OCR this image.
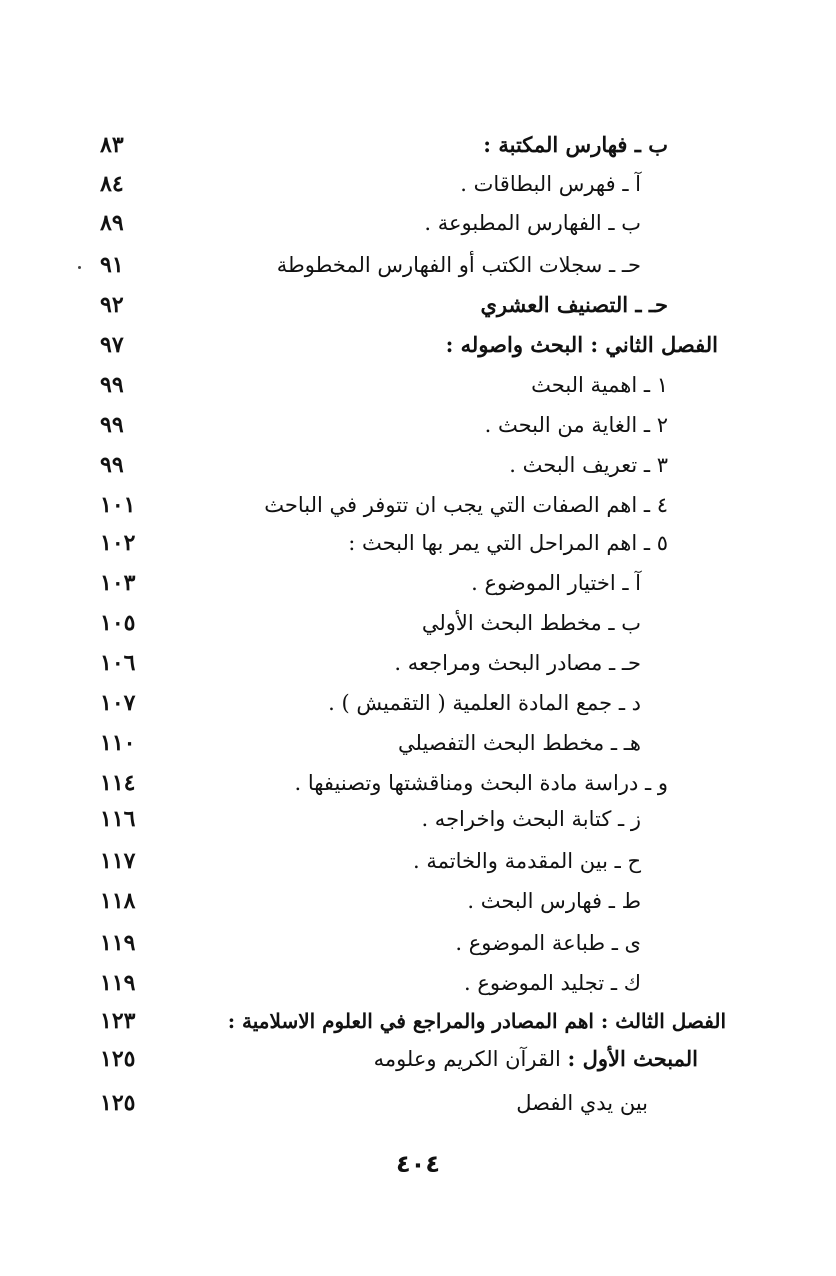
ب ـ فهارس المكتبة :
٨٣
آ ـ فهرس البطاقات .
٨٤
ب ـ الفهارس المطبوعة .
٨٩
حـ ـ سجلات الكتب أو الفهارس المخطوطة
٩١
حـ ـ التصنيف العشري
٩٢
الفصل الثاني : البحث واصوله :
٩٧
١ ـ اهمية البحث
٩٩
٢ ـ الغاية من البحث .
٩٩
٣ ـ تعريف البحث .
٩٩
٤ ـ اهم الصفات التي يجب ان تتوفر في الباحث
١٠١
٥ ـ اهم المراحل التي يمر بها البحث :
١٠٢
آ ـ اختيار الموضوع .
١٠٣
ب ـ مخطط البحث الأولي
١٠٥
حـ ـ مصادر البحث ومراجعه .
١٠٦
د ـ جمع المادة العلمية ( التقميش ) .
١٠٧
هـ ـ مخطط البحث التفصيلي
١١٠
و ـ دراسة مادة البحث ومناقشتها وتصنيفها .
١١٤
ز ـ كتابة البحث واخراجه .
١١٦
ح ـ بين المقدمة والخاتمة .
١١٧
ط ـ فهارس البحث .
١١٨
ى ـ طباعة الموضوع .
١١٩
ك ـ تجليد الموضوع .
١١٩
الفصل الثالث : اهم المصادر والمراجع في العلوم الاسلامية :
١٢٣
المبحث الأول : القرآن الكريم وعلومه
١٢٥
بين يدي الفصل
١٢٥
٤٠٤
